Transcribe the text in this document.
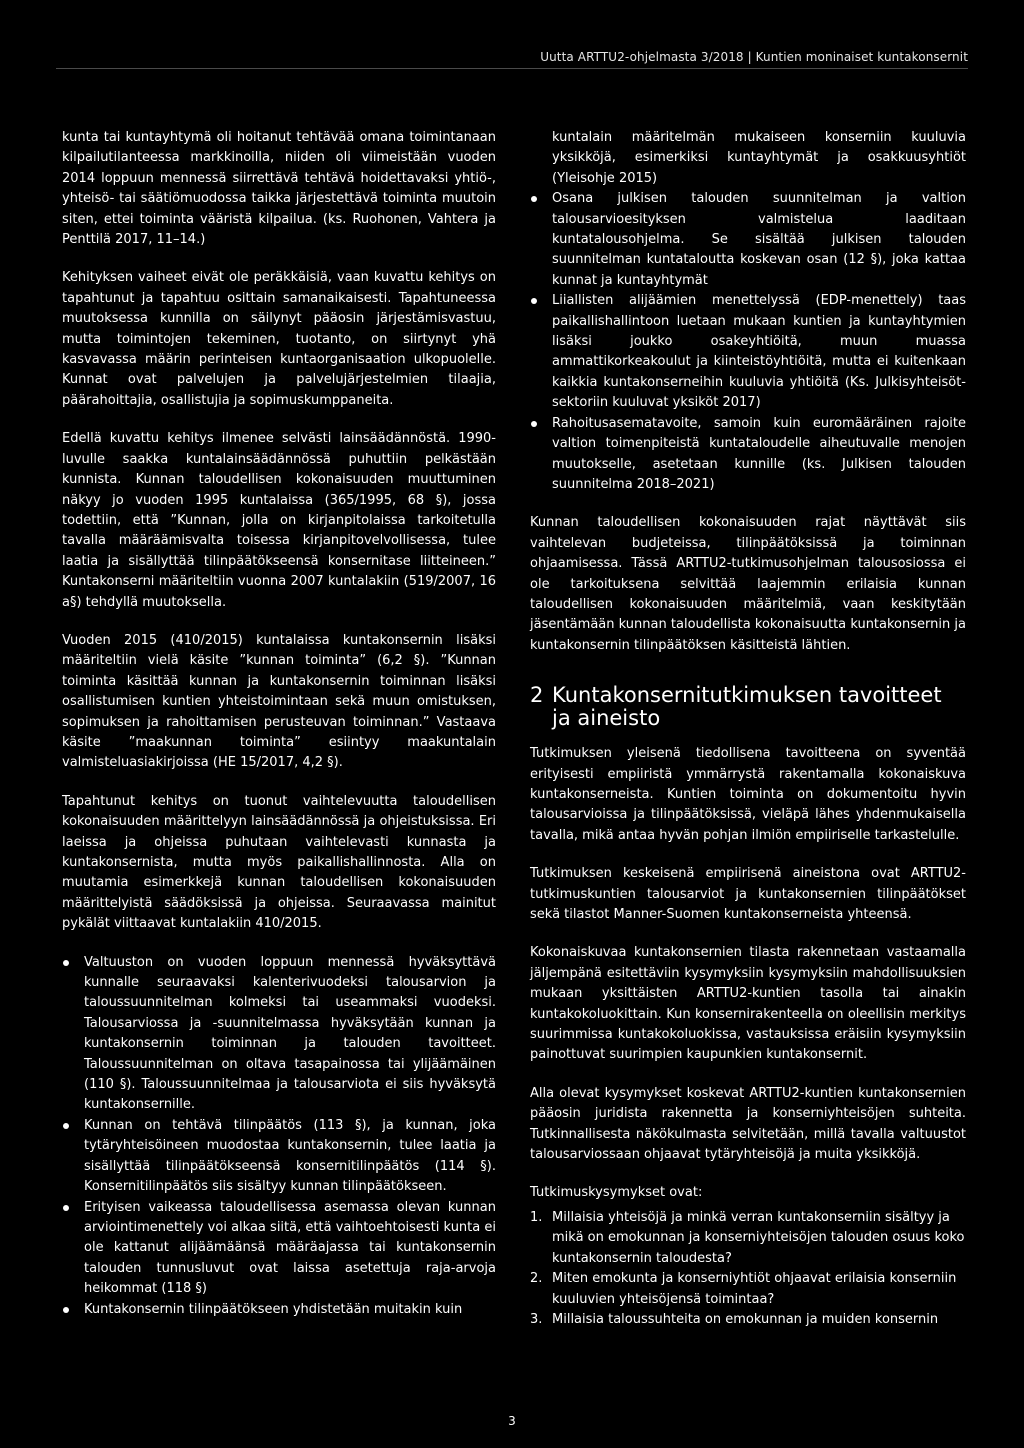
Uutta ARTTU2-ohjelmasta 3/2018 | Kuntien moninaiset kuntakonsernit

kunta tai kuntayhtymä oli hoitanut tehtävää omana toimintanaan kilpailutilanteessa markkinoilla, niiden oli viimeistään vuoden 2014 loppuun mennessä siirrettävä tehtävä hoidettavaksi yhtiö-, yhteisö- tai säätiömuodossa taikka järjestettävä toiminta muutoin siten, ettei toiminta vääristä kilpailua. (ks. Ruohonen, Vahtera ja Penttilä 2017, 11–14.)

Kehityksen vaiheet eivät ole peräkkäisiä, vaan kuvattu kehitys on tapahtunut ja tapahtuu osittain samanaikaisesti. Tapahtuneessa muutoksessa kunnilla on säilynyt pääosin järjestämisvastuu, mutta toimintojen tekeminen, tuotanto, on siirtynyt yhä kasvavassa määrin perinteisen kuntaorganisaation ulkopuolelle. Kunnat ovat palvelujen ja palvelujärjestelmien tilaajia, päärahoittajia, osallistujia ja sopimuskumppaneita.

Edellä kuvattu kehitys ilmenee selvästi lainsäädännöstä. 1990-luvulle saakka kuntalainsäädännössä puhuttiin pelkästään kunnista. Kunnan taloudellisen kokonaisuuden muuttuminen näkyy jo vuoden 1995 kuntalaissa (365/1995, 68 §), jossa todettiin, että ”Kunnan, jolla on kirjanpitolaissa tarkoitetulla tavalla määräämisvalta toisessa kirjanpitovelvollisessa, tulee laatia ja sisällyttää tilinpäätökseensä konsernitase liitteineen.” Kuntakonserni määriteltiin vuonna 2007 kuntalakiin (519/2007, 16 a§) tehdyllä muutoksella.

Vuoden 2015 (410/2015) kuntalaissa kuntakonsernin lisäksi määriteltiin vielä käsite ”kunnan toiminta” (6,2 §). ”Kunnan toiminta käsittää kunnan ja kuntakonsernin toiminnan lisäksi osallistumisen kuntien yhteistoimintaan sekä muun omistuksen, sopimuksen ja rahoittamisen perusteuvan toiminnan.” Vastaava käsite ”maakunnan toiminta” esiintyy maakuntalain valmisteluasiakirjoissa (HE 15/2017, 4,2 §).

Tapahtunut kehitys on tuonut vaihtelevuutta taloudellisen kokonaisuuden määrittelyyn lainsäädännössä ja ohjeistuksissa. Eri laeissa ja ohjeissa puhutaan vaihtelevasti kunnasta ja kuntakonsernista, mutta myös paikallishallinnosta. Alla on muutamia esimerkkejä kunnan taloudellisen kokonaisuuden määrittelyistä säädöksissä ja ohjeissa. Seuraavassa mainitut pykälät viittaavat kuntalakiin 410/2015.

Valtuuston on vuoden loppuun mennessä hyväksyttävä kunnalle seuraavaksi kalenterivuodeksi talousarvion ja taloussuunnitelman kolmeksi tai useammaksi vuodeksi. Talousarviossa ja -suunnitelmassa hyväksytään kunnan ja kuntakonsernin toiminnan ja talouden tavoitteet. Taloussuunnitelman on oltava tasapainossa tai ylijäämäinen (110 §). Taloussuunnitelmaa ja talousarviota ei siis hyväksytä kuntakonsernille.
Kunnan on tehtävä tilinpäätös (113 §), ja kunnan, joka tytäryhteisöineen muodostaa kuntakonsernin, tulee laatia ja sisällyttää tilinpäätökseensä konsernitilinpäätös (114 §). Konsernitilinpäätös siis sisältyy kunnan tilinpäätökseen.
Erityisen vaikeassa taloudellisessa asemassa olevan kunnan arviointimenettely voi alkaa siitä, että vaihtoehtoisesti kunta ei ole kattanut alijäämäänsä määräajassa tai kuntakonsernin talouden tunnusluvut ovat laissa asetettuja raja-arvoja heikommat (118 §)
Kuntakonsernin tilinpäätökseen yhdistetään muitakin kuin
kuntalain määritelmän mukaiseen konserniin kuuluvia yksikköjä, esimerkiksi kuntayhtymät ja osakkuusyhtiöt (Yleisohje 2015)
Osana julkisen talouden suunnitelman ja valtion talousarvioesityksen valmistelua laaditaan kuntatalousohjelma. Se sisältää julkisen talouden suunnitelman kuntataloutta koskevan osan (12 §), joka kattaa kunnat ja kuntayhtymät
Liiallisten alijäämien menettelyssä (EDP-menettely) taas paikallishallintoon luetaan mukaan kuntien ja kuntayhtymien lisäksi joukko osakeyhtiöitä, muun muassa ammattikorkeakoulut ja kiinteistöyhtiöitä, mutta ei kuitenkaan kaikkia kuntakonserneihin kuuluvia yhtiöitä (Ks. Julkisyhteisöt-sektoriin kuuluvat yksiköt 2017)
Rahoitusasematavoite, samoin kuin euromääräinen rajoite valtion toimenpiteistä kuntataloudelle aiheutuvalle menojen muutokselle, asetetaan kunnille (ks. Julkisen talouden suunnitelma 2018–2021)

Kunnan taloudellisen kokonaisuuden rajat näyttävät siis vaihtelevan budjeteissa, tilinpäätöksissä ja toiminnan ohjaamisessa. Tässä ARTTU2-tutkimusohjelman talousosiossa ei ole tarkoituksena selvittää laajemmin erilaisia kunnan taloudellisen kokonaisuuden määritelmiä, vaan keskitytään jäsentämään kunnan taloudellista kokonaisuutta kuntakonsernin ja kuntakonsernin tilinpäätöksen käsitteistä lähtien.

2 Kuntakonsernitutkimuksen tavoitteet ja aineisto

Tutkimuksen yleisenä tiedollisena tavoitteena on syventää erityisesti empiiristä ymmärrystä rakentamalla kokonaiskuva kuntakonserneista. Kuntien toiminta on dokumentoitu hyvin talousarvioissa ja tilinpäätöksissä, vieläpä lähes yhdenmukaisella tavalla, mikä antaa hyvän pohjan ilmiön empiiriselle tarkastelulle.

Tutkimuksen keskeisenä empiirisenä aineistona ovat ARTTU2-tutkimuskuntien talousarviot ja kuntakonsernien tilinpäätökset sekä tilastot Manner-Suomen kuntakonserneista yhteensä.

Kokonaiskuvaa kuntakonsernien tilasta rakennetaan vastaamalla jäljempänä esitettäviin kysymyksiin kysymyksiin mahdollisuuksien mukaan yksittäisten ARTTU2-kuntien tasolla tai ainakin kuntakokoluokittain. Kun konsernirakenteella on oleellisin merkitys suurimmissa kuntakokoluokissa, vastauksissa eräisiin kysymyksiin painottuvat suurimpien kaupunkien kuntakonsernit.

Alla olevat kysymykset koskevat ARTTU2-kuntien kuntakonsernien pääosin juridista rakennetta ja konserniyhteisöjen suhteita. Tutkinnallisesta näkökulmasta selvitetään, millä tavalla valtuustot talousarviossaan ohjaavat tytäryhteisöjä ja muita yksikköjä.

Tutkimuskysymykset ovat:

1. Millaisia yhteisöjä ja minkä verran kuntakonserniin sisältyy ja mikä on emokunnan ja konserniyhteisöjen talouden osuus koko kuntakonsernin taloudesta?
2. Miten emokunta ja konserniyhtiöt ohjaavat erilaisia konserniin kuuluvien yhteisöjensä toimintaa?
3. Millaisia taloussuhteita on emokunnan ja muiden konsernin
3
